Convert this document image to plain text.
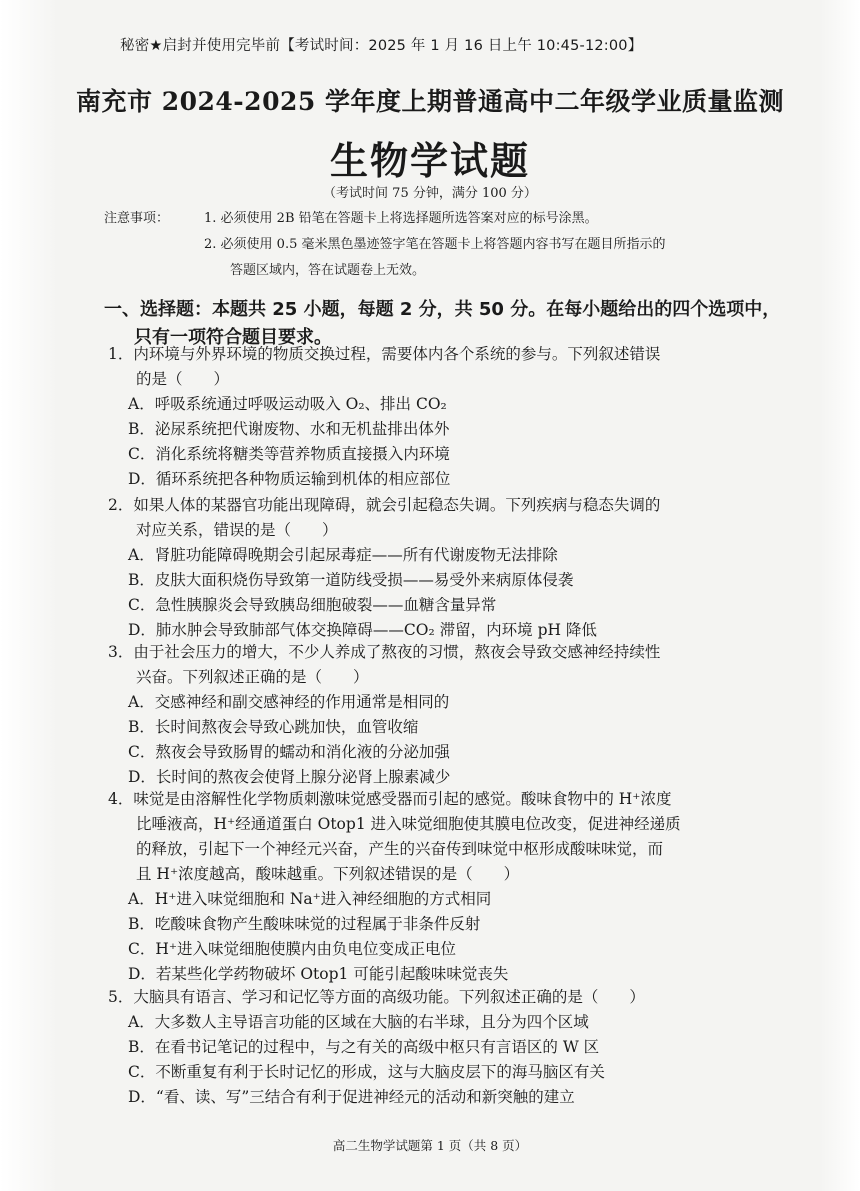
秘密★启封并使用完毕前【考试时间：2025 年 1 月 16 日上午 10:45-12:00】
南充市 2024-2025 学年度上期普通高中二年级学业质量监测
生物学试题
（考试时间 75 分钟，满分 100 分）
注意事项：	1. 必须使用 2B 铅笔在答题卡上将选择题所选答案对应的标号涂黑。
2. 必须使用 0.5 毫米黑色墨迹签字笔在答题卡上将答题内容书写在题目所指示的
答题区域内，答在试题卷上无效。
一、选择题：本题共 25 小题，每题 2 分，共 50 分。在每小题给出的四个选项中，
只有一项符合题目要求。
1．内环境与外界环境的物质交换过程，需要体内各个系统的参与。下列叙述错误
的是（　　）
A．呼吸系统通过呼吸运动吸入 O₂、排出 CO₂
B．泌尿系统把代谢废物、水和无机盐排出体外
C．消化系统将糖类等营养物质直接摄入内环境
D．循环系统把各种物质运输到机体的相应部位
2．如果人体的某器官功能出现障碍，就会引起稳态失调。下列疾病与稳态失调的
对应关系，错误的是（　　）
A．肾脏功能障碍晚期会引起尿毒症——所有代谢废物无法排除
B．皮肤大面积烧伤导致第一道防线受损——易受外来病原体侵袭
C．急性胰腺炎会导致胰岛细胞破裂——血糖含量异常
D．肺水肿会导致肺部气体交换障碍——CO₂ 滞留，内环境 pH 降低
3．由于社会压力的增大，不少人养成了熬夜的习惯，熬夜会导致交感神经持续性
兴奋。下列叙述正确的是（　　）
A．交感神经和副交感神经的作用通常是相同的
B．长时间熬夜会导致心跳加快，血管收缩
C．熬夜会导致肠胃的蠕动和消化液的分泌加强
D．长时间的熬夜会使肾上腺分泌肾上腺素减少
4．味觉是由溶解性化学物质刺激味觉感受器而引起的感觉。酸味食物中的 H⁺浓度
比唾液高，H⁺经通道蛋白 Otop1 进入味觉细胞使其膜电位改变，促进神经递质
的释放，引起下一个神经元兴奋，产生的兴奋传到味觉中枢形成酸味味觉，而
且 H⁺浓度越高，酸味越重。下列叙述错误的是（　　）
A．H⁺进入味觉细胞和 Na⁺进入神经细胞的方式相同
B．吃酸味食物产生酸味味觉的过程属于非条件反射
C．H⁺进入味觉细胞使膜内由负电位变成正电位
D．若某些化学药物破坏 Otop1 可能引起酸味味觉丧失
5．大脑具有语言、学习和记忆等方面的高级功能。下列叙述正确的是（　　）
A．大多数人主导语言功能的区域在大脑的右半球，且分为四个区域
B．在看书记笔记的过程中，与之有关的高级中枢只有言语区的 W 区
C．不断重复有利于长时记忆的形成，这与大脑皮层下的海马脑区有关
D．“看、读、写”三结合有利于促进神经元的活动和新突触的建立
高二生物学试题第 1 页（共 8 页）
